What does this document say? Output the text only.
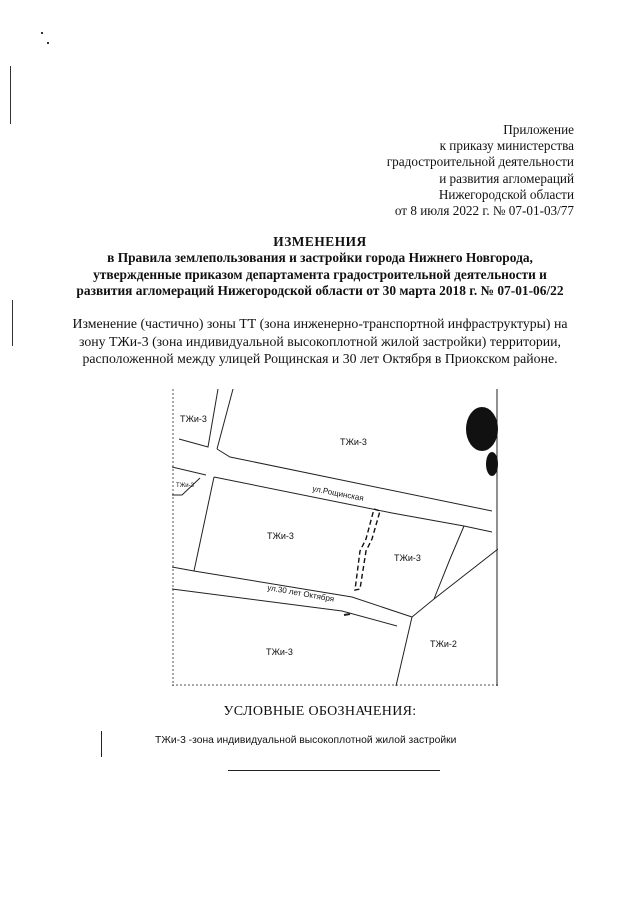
Приложение
к приказу министерства
градостроительной деятельности
и развития агломераций
Нижегородской области
от 8 июля 2022 г. № 07-01-03/77
ИЗМЕНЕНИЯ
в Правила землепользования и застройки города Нижнего Новгорода,
утвержденные приказом департамента градостроительной деятельности и
развития агломераций Нижегородской области от 30 марта 2018 г. № 07-01-06/22
Изменение (частично) зоны ТТ (зона инженерно-транспортной инфраструктуры) на
зону ТЖи-3 (зона индивидуальной высокоплотной жилой застройки) территории,
расположенной между улицей Рощинская и 30 лет Октября в Приокском районе.
ТЖи-3
ТЖи-3
ТЖи-3
ТЖи-3
ТЖи-3
ТЖи-3
ТЖи-2
ул.Рощинская
ул.30 лет Октября
УСЛОВНЫЕ ОБОЗНАЧЕНИЯ:
ТЖи-3 -зона индивидуальной высокоплотной жилой застройки
